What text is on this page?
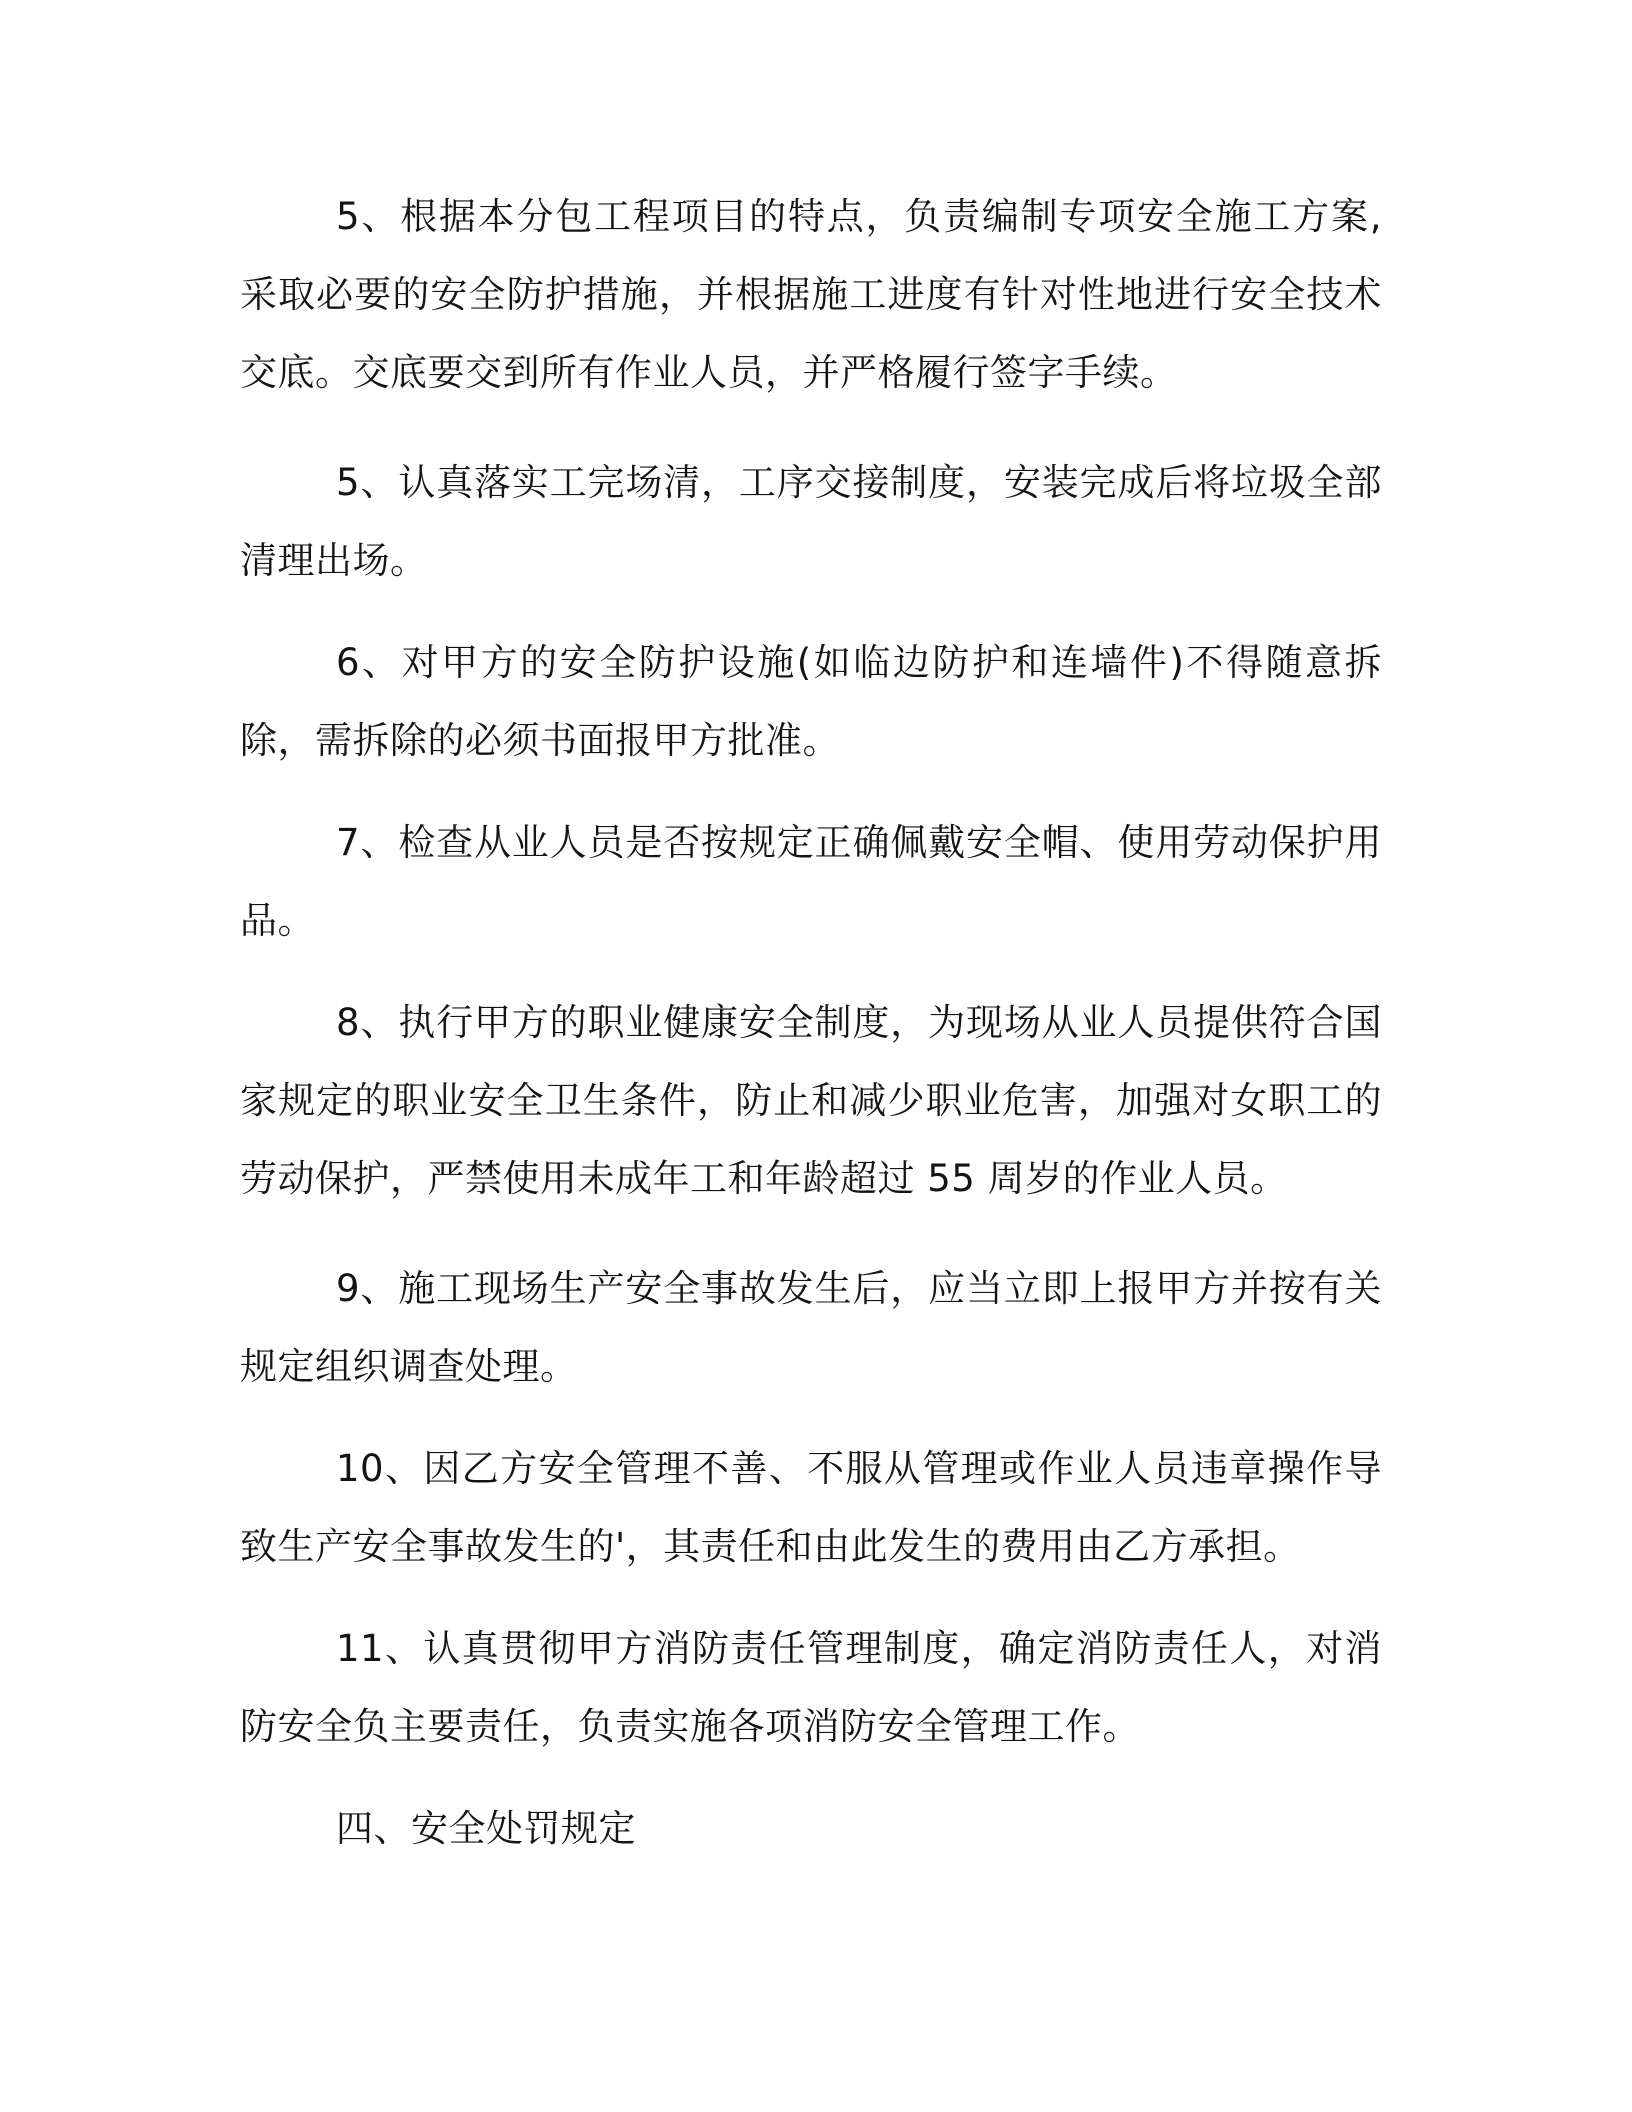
5、根据本分包工程项目的特点，负责编制专项安全施工方案,采取必要的安全防护措施，并根据施工进度有针对性地进行安全技术交底。交底要交到所有作业人员，并严格履行签字手续。

5、认真落实工完场清，工序交接制度，安装完成后将垃圾全部清理出场。

6、对甲方的安全防护设施(如临边防护和连墙件)不得随意拆除，需拆除的必须书面报甲方批准。

7、检查从业人员是否按规定正确佩戴安全帽、使用劳动保护用品。

8、执行甲方的职业健康安全制度，为现场从业人员提供符合国家规定的职业安全卫生条件，防止和减少职业危害，加强对女职工的劳动保护，严禁使用未成年工和年龄超过 55 周岁的作业人员。

9、施工现场生产安全事故发生后，应当立即上报甲方并按有关规定组织调查处理。

10、因乙方安全管理不善、不服从管理或作业人员违章操作导致生产安全事故发生的'，其责任和由此发生的费用由乙方承担。

11、认真贯彻甲方消防责任管理制度，确定消防责任人，对消防安全负主要责任，负责实施各项消防安全管理工作。

四、安全处罚规定
